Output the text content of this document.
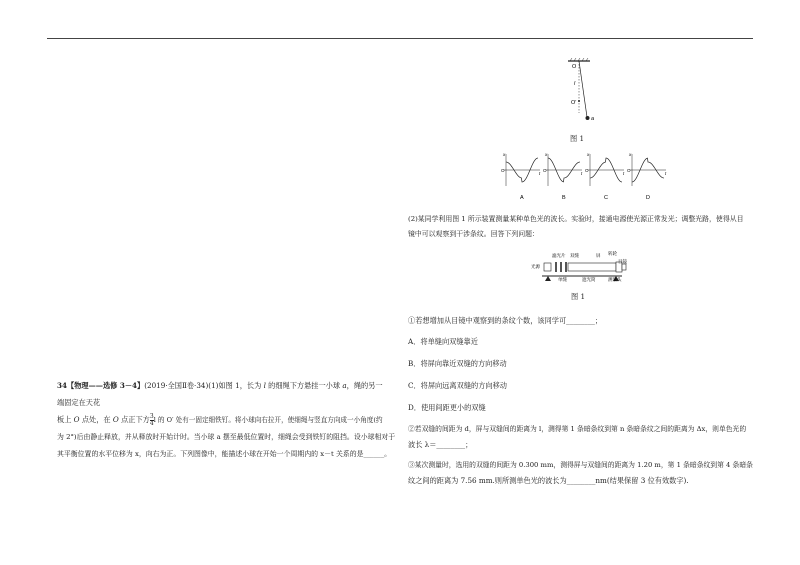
34【物理——选修 3－4】(2019·全国Ⅱ卷·34)(1)如图 1，长为 l 的细绳下方悬挂一小球 a，绳的另一端固定在天花

板上 O 点处，在 O 点正下方 $\frac{3}{4}$ l 的 O′ 处有一固定细铁钉。将小球向右拉开，使细绳与竖直方向成一小角度(约

为 2°)后由静止释放，并从释放时开始计时。当小球 a 摆至最低位置时，细绳会受到铁钉的阻挡。设小球相对于

其平衡位置的水平位移为 x，向右为正。下列图像中，能描述小球在开始一个周期内的 x－t 关系的是______。

O
l
O′
a
图 1
x
t
O
A
x
t
O
B
x
t
O
C
x
t
O
D
(2)某同学利用图 1 所示装置测量某种单色光的波长。实验时，接通电源使光源正常发光；调整光路，使得从目
镜中可以观察到干涉条纹。回答下列问题：
光源
滤光片
单缝
双缝
遮光筒
屏 转轮
目镜
测量头
图 1
①若想增加从目镜中观察到的条纹个数，该同学可________；
A．将单缝向双缝靠近
B．将屏向靠近双缝的方向移动
C．将屏向远离双缝的方向移动
D．使用间距更小的双缝
②若双缝的间距为 d，屏与双缝间的距离为 l，测得第 1 条暗条纹到第 n 条暗条纹之间的距离为 Δx，则单色光的
波长 λ＝________；
③某次测量时，选用的双缝的间距为 0.300 mm，测得屏与双缝间的距离为 1.20 m，第 1 条暗条纹到第 4 条暗条
纹之间的距离为 7.56 mm.则所测单色光的波长为________nm(结果保留 3 位有效数字).
